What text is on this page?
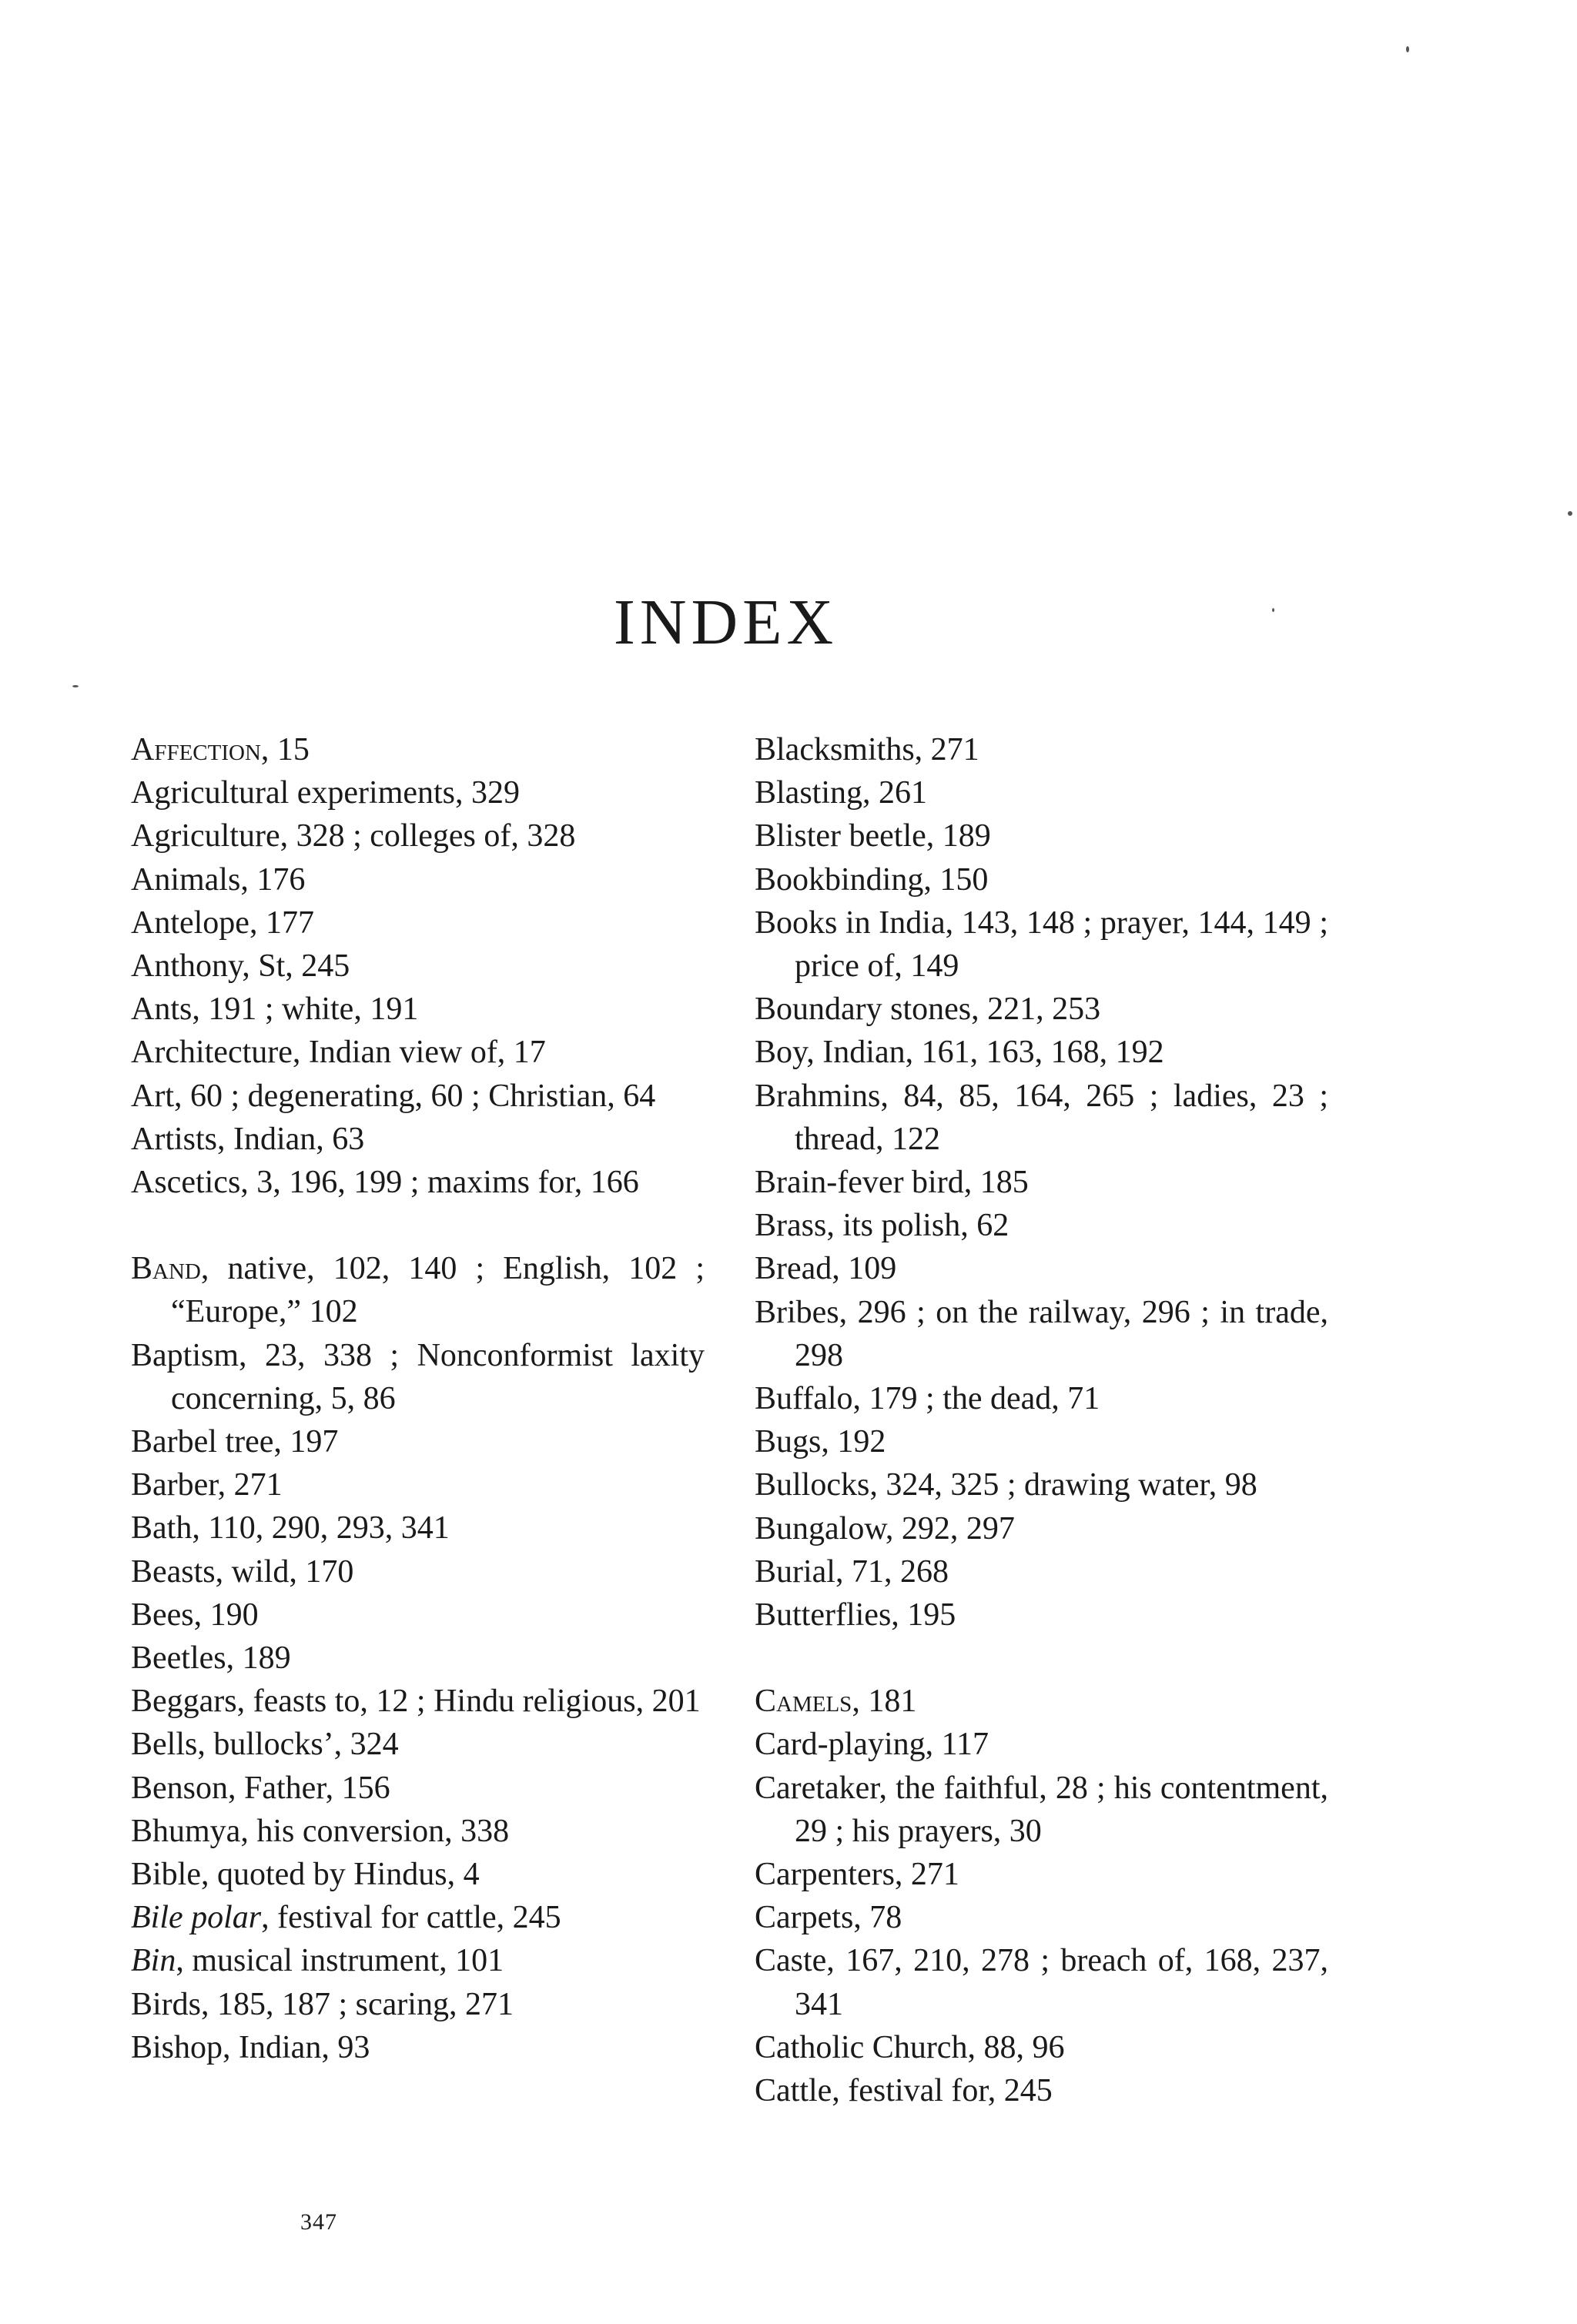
INDEX

Affection, 15

Agricultural experiments, 329

Agriculture, 328 ; colleges of, 328

Animals, 176

Antelope, 177

Anthony, St, 245

Ants, 191 ; white, 191

Architecture, Indian view of, 17

Art, 60 ; degenerating, 60 ; Christian, 64

Artists, Indian, 63

Ascetics, 3, 196, 199 ; maxims for, 166

Band, native, 102, 140 ; English, 102 ; “Europe,” 102

Baptism, 23, 338 ; Nonconformist laxity concerning, 5, 86

Barbel tree, 197

Barber, 271

Bath, 110, 290, 293, 341

Beasts, wild, 170

Bees, 190

Beetles, 189

Beggars, feasts to, 12 ; Hindu religious, 201

Bells, bullocks’, 324

Benson, Father, 156

Bhumya, his conversion, 338

Bible, quoted by Hindus, 4

Bile polar, festival for cattle, 245

Bin, musical instrument, 101

Birds, 185, 187 ; scaring, 271

Bishop, Indian, 93

Blacksmiths, 271

Blasting, 261

Blister beetle, 189

Bookbinding, 150

Books in India, 143, 148 ; prayer, 144, 149 ; price of, 149

Boundary stones, 221, 253

Boy, Indian, 161, 163, 168, 192

Brahmins, 84, 85, 164, 265 ; ladies, 23 ; thread, 122

Brain-fever bird, 185

Brass, its polish, 62

Bread, 109

Bribes, 296 ; on the railway, 296 ; in trade, 298

Buffalo, 179 ; the dead, 71

Bugs, 192

Bullocks, 324, 325 ; drawing water, 98

Bungalow, 292, 297

Burial, 71, 268

Butterflies, 195

Camels, 181

Card-playing, 117

Caretaker, the faithful, 28 ; his contentment, 29 ; his prayers, 30

Carpenters, 271

Carpets, 78

Caste, 167, 210, 278 ; breach of, 168, 237, 341

Catholic Church, 88, 96

Cattle, festival for, 245

347
